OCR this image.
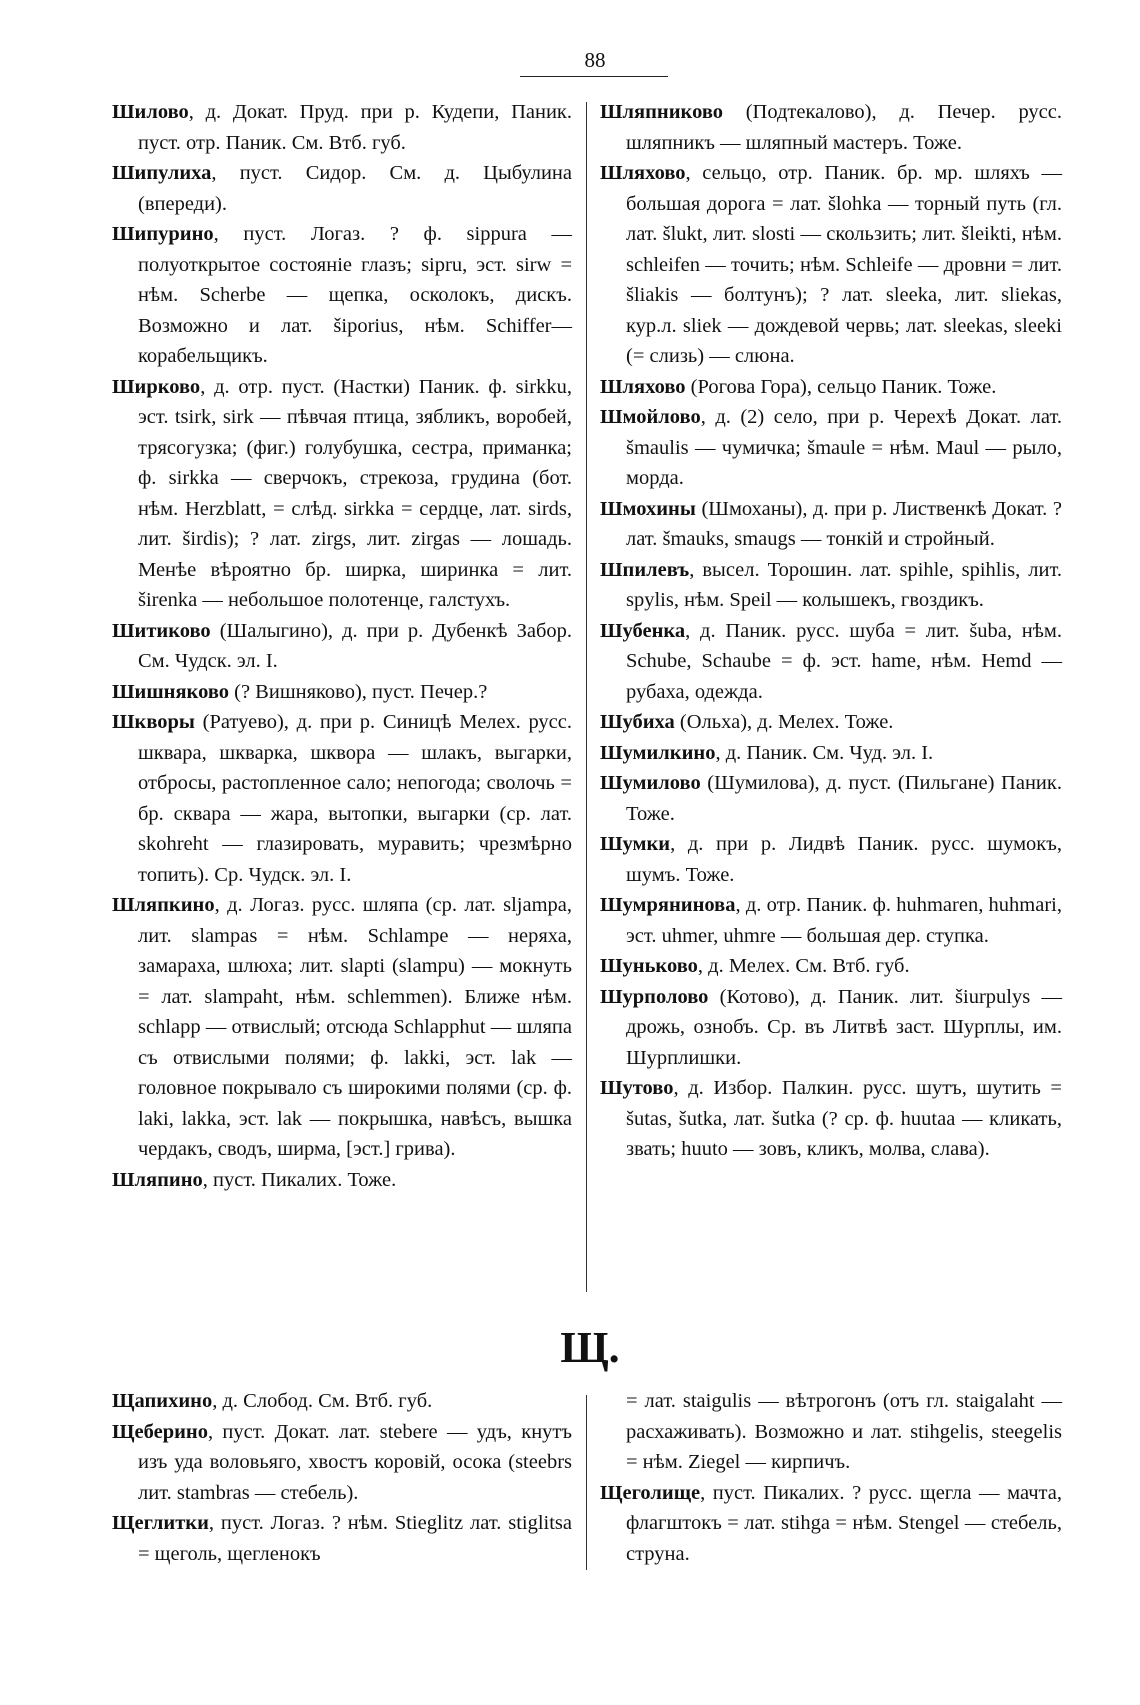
88

Шилово, д. Докат. Пруд. при р. Кудепи, Паник. пуст. отр. Паник. См. Втб. губ.

Шипулиха, пуст. Сидор. См. д. Цыбулина (впереди).

Шипурино, пуст. Логаз. ? ф. sippura — полуоткрытое состояніе глазъ; sipru, эст. sirw = нѣм. Scherbe — щепка, осколокъ, дискъ. Возможно и лат. šiporius, нѣм. Schiffer—корабельщикъ.

Ширково, д. отр. пуст. (Настки) Паник. ф. sirkku, эст. tsirk, sirk — пѣвчая птица, зябликъ, воробей, трясогузка; (фиг.) голубушка, сестра, приманка; ф. sirkka — сверчокъ, стрекоза, грудина (бот. нѣм. Herzblatt, = слѣд. sirkka = сердце, лат. sirds, лит. širdis); ? лат. zirgs, лит. zirgas — лошадь. Менѣе вѣроятно бр. ширка, ширинка = лит. širenka — небольшое полотенце, галстухъ.

Шитиково (Шалыгино), д. при р. Дубенкѣ Забор. См. Чудск. эл. I.

Шишняково (? Вишняково), пуст. Печер.?

Шкворы (Ратуево), д. при р. Синицѣ Мелех. русс. шквара, шкварка, шквора — шлакъ, выгарки, отбросы, растопленное сало; непогода; сволочь = бр. сквара — жара, вытопки, выгарки (ср. лат. skohreht — глазировать, муравить; чрезмѣрно топить). Ср. Чудск. эл. I.

Шляпкино, д. Логаз. русс. шляпа (ср. лат. sljampa, лит. slampas = нѣм. Schlampe — неряха, замараха, шлюха; лит. slapti (slampu) — мокнуть = лат. slampaht, нѣм. schlemmen). Ближе нѣм. schlapp — отвислый; отсюда Schlapphut — шляпа съ отвислыми полями; ф. lakki, эст. lak — головное покрывало съ широкими полями (ср. ф. laki, lakka, эст. lak — покрышка, навѣсъ, вышка чердакъ, сводъ, ширма, [эст.] грива).

Шляпино, пуст. Пикалих. Тоже.

Шляпниково (Подтекалово), д. Печер. русс. шляпникъ — шляпный мастеръ. Тоже.

Шляхово, сельцо, отр. Паник. бр. мр. шляхъ — большая дорога = лат. šlohka — торный путь (гл. лат. šlukt, лит. slosti — скользить; лит. šleikti, нѣм. schleifen — точить; нѣм. Schleife — дровни = лит. šliakis — болтунъ); ? лат. sleeka, лит. sliekas, кур.л. sliek — дождевой червь; лат. sleekas, sleeki (= слизь) — слюна.

Шляхово (Рогова Гора), сельцо Паник. Тоже.

Шмойлово, д. (2) село, при р. Черехѣ Докат. лат. šmaulis — чумичка; šmaule = нѣм. Maul — рыло, морда.

Шмохины (Шмоханы), д. при р. Лиственкѣ Докат. ? лат. šmauks, smaugs — тонкій и стройный.

Шпилевъ, высел. Торошин. лат. spihle, spihlis, лит. spylis, нѣм. Speil — колышекъ, гвоздикъ.

Шубенка, д. Паник. русс. шуба = лит. šuba, нѣм. Schube, Schaube = ф. эст. hame, нѣм. Hemd — рубаха, одежда.

Шубиха (Ольха), д. Мелех. Тоже.

Шумилкино, д. Паник. См. Чуд. эл. I.

Шумилово (Шумилова), д. пуст. (Пильгане) Паник. Тоже.

Шумки, д. при р. Лидвѣ Паник. русс. шумокъ, шумъ. Тоже.

Шумрянинова, д. отр. Паник. ф. huhmaren, huhmari, эст. uhmer, uhmre — большая дер. ступка.

Шуньково, д. Мелех. См. Втб. губ.

Шурполово (Котово), д. Паник. лит. šiurpulys — дрожь, ознобъ. Ср. въ Литвѣ заст. Шурплы, им. Шурплишки.

Шутово, д. Избор. Палкин. русс. шутъ, шутить = šutas, šutka, лат. šutka (? ср. ф. huutaa — кликать, звать; huuto — зовъ, кликъ, молва, слава).

Щ.

Щапихино, д. Слобод. См. Втб. губ.

Щеберино, пуст. Докат. лат. stebere — удъ, кнутъ изъ уда воловьяго, хвостъ коровій, осока (steebrs лит. stambras — стебель).

Щеглитки, пуст. Логаз. ? нѣм. Stieglitz лат. stiglitsa = щеголь, щегленокъ

= лат. staigulis — вѣтрогонъ (отъ гл. staigalaht — расхаживать). Возможно и лат. stihgelis, steegelis = нѣм. Ziegel — кирпичъ.

Щеголище, пуст. Пикалих. ? русс. щегла — мачта, флагштокъ = лат. stihga = нѣм. Stengel — стебель, струна.
